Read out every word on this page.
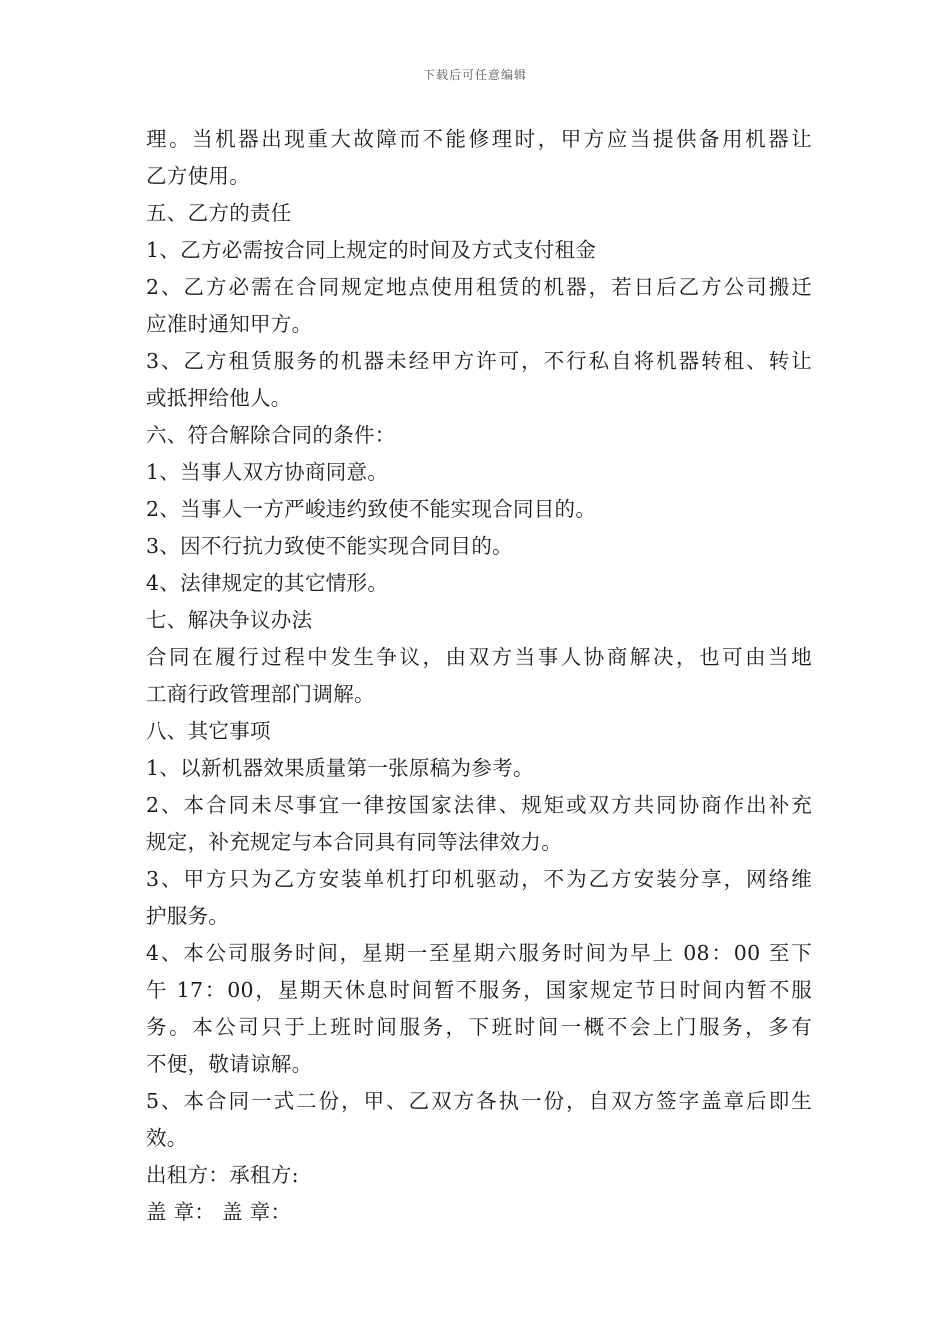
下载后可任意编辑
理。当机器出现重大故障而不能修理时，甲方应当提供备用机器让
乙方使用。
五、乙方的责任
1、乙方必需按合同上规定的时间及方式支付租金
2、乙方必需在合同规定地点使用租赁的机器，若日后乙方公司搬迁
应准时通知甲方。
3、乙方租赁服务的机器未经甲方许可，不行私自将机器转租、转让
或抵押给他人。
六、符合解除合同的条件：
1、当事人双方协商同意。
2、当事人一方严峻违约致使不能实现合同目的。
3、因不行抗力致使不能实现合同目的。
4、法律规定的其它情形。
七、解决争议办法
合同在履行过程中发生争议，由双方当事人协商解决，也可由当地
工商行政管理部门调解。
八、其它事项
1、以新机器效果质量第一张原稿为参考。
2、本合同未尽事宜一律按国家法律、规矩或双方共同协商作出补充
规定，补充规定与本合同具有同等法律效力。
3、甲方只为乙方安装单机打印机驱动，不为乙方安装分享，网络维
护服务。
4、本公司服务时间，星期一至星期六服务时间为早上 08：00 至下
午 17：00，星期天休息时间暂不服务，国家规定节日时间内暂不服
务。本公司只于上班时间服务，下班时间一概不会上门服务，多有
不便，敬请谅解。
5、本合同一式二份，甲、乙双方各执一份，自双方签字盖章后即生
效。
出租方：承租方:
盖 章： 盖 章：
